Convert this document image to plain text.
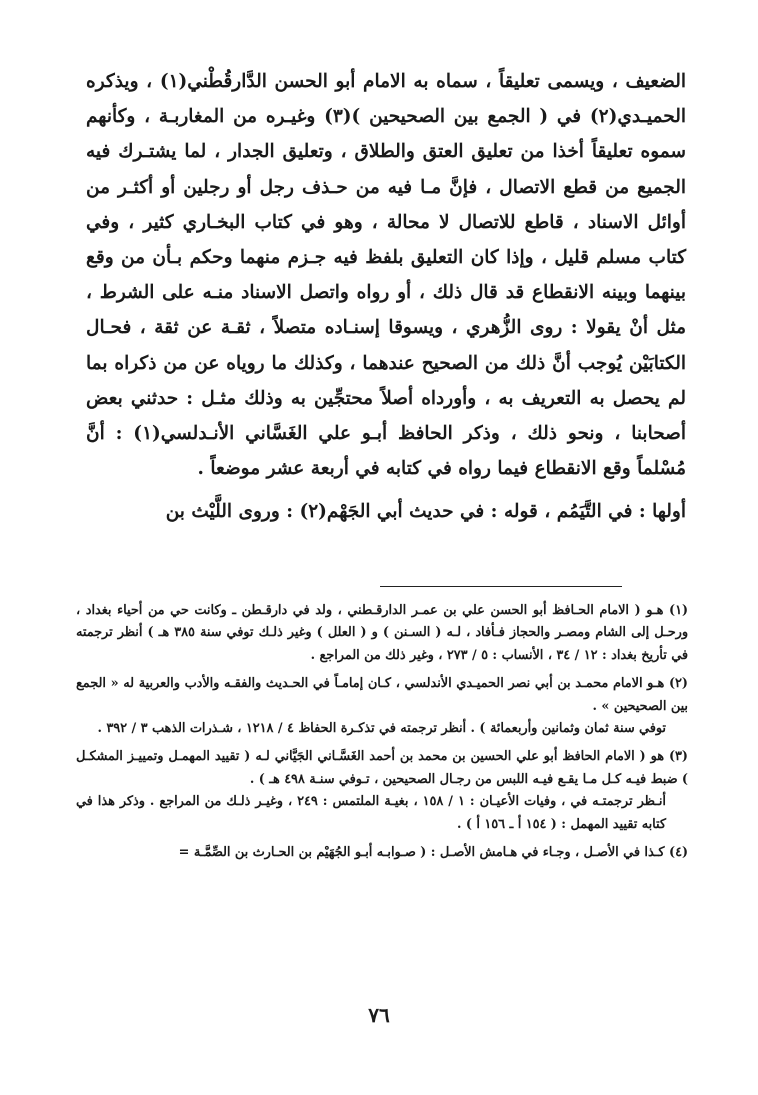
الضعيف ، ويسمى تعليقاً ، سماه به الامام أبو الحسن الدَّارقُطْني(١) ، ويذكره الحميـدي(٢) في ( الجمع بين الصحيحين )(٣) وغيـره من المغاربـة ، وكأنهم سموه تعليقاً أخذا من تعليق العتق والطلاق ، وتعليق الجدار ، لما يشتـرك فيه الجميع من قطع الاتصال ، فإنَّ مـا فيه من حـذف رجل أو رجلين أو أكثـر من أوائل الاسناد ، قاطع للاتصال لا محالة ، وهو في كتاب البخـاري كثير ، وفي كتاب مسلم قليل ، وإذا كان التعليق بلفظ فيه جـزم منهما وحكم بـأن من وقع بينهما وبينه الانقطاع قد قال ذلك ، أو رواه واتصل الاسناد منـه على الشرط ، مثل أنْ يقولا : روى الزُّهري ، ويسوقا إسنـاده متصلاً ، ثقـة عن ثقة ، فحـال الكتابَيْن يُوجب أنَّ ذلك من الصحيح عندهما ، وكذلك ما روياه عن من ذكراه بما لم يحصل به التعريف به ، وأورداه أصلاً محتجِّين به وذلك مثـل : حدثني بعض أصحابنا ، ونحو ذلك ، وذكر الحافظ أبـو علي الغَسَّاني الأنـدلسي(١) : أنَّ مُسْلماً وقع الانقطاع فيما رواه في كتابه في أربعة عشر موضعاً .

أولها : في التَّيَمُم ، قوله : في حديث أبي الجَهْم(٢) : وروى اللَّيْث بن

(١) هـو ( الامام الحـافظ أبو الحسن علي بن عمـر الدارقـطني ، ولد في دارقـطن ـ وكانت حي من أحياء بغداد ، ورحـل إلى الشام ومصـر والحجاز فـأفاد ، لـه ( السـنن ) و ( العلل ) وغير ذلـك توفي سنة ٣٨٥ هـ ) أنظر ترجمته في تأريخ بغداد : ١٢ / ٣٤ ، الأنساب : ٥ / ٢٧٣ ، وغير ذلك من المراجع .

(٢) هـو الامام محمـد بن أبي نصر الحميـدي الأندلسي ، كـان إمامـاً في الحـديث والفقـه والأدب والعربية له « الجمع بين الصحيحين » .
توفي سنة ثمان وثمانين وأربعمائة ) . أنظر ترجمته في تذكـرة الحفاظ ٤ / ١٢١٨ ، شـذرات الذهب ٣ / ٣٩٢ .

(٣) هو ( الامام الحافظ أبو علي الحسين بن محمد بن أحمد الغَسَّـاني الجَيَّاني لـه ( تقييد المهمـل وتمييـز المشكـل ) ضبط فيـه كـل مـا يقـع فيـه اللبس من رجـال الصحيحين ، تـوفي سنـة ٤٩٨ هـ ) .
أنـظر ترجمتـه في ، وفيات الأعيـان : ١ / ١٥٨ ، بغيـة الملتمس : ٢٤٩ ، وغيـر ذلـك من المراجع . وذكر هذا في كتابه تقييد المهمل : ( ١٥٤ أ ـ ١٥٦ أ ) .

(٤) كـذا في الأصـل ، وجـاء في هـامش الأصـل : ( صـوابـه أبـو الجُهَيْم بن الحـارث بن الصِّمَّـة =

٧٦
